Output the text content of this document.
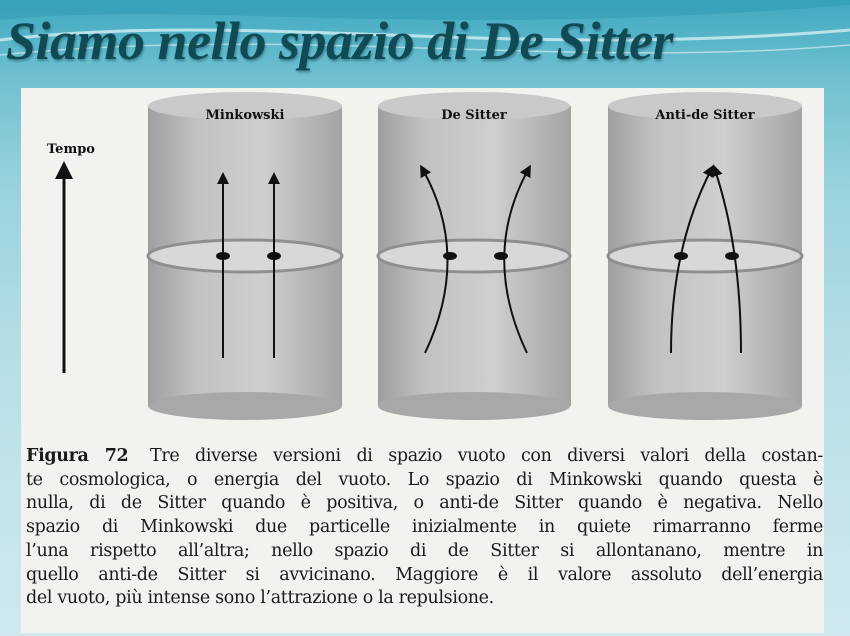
Siamo nello spazio di De Sitter
Tempo
Minkowski	De Sitter	Anti-de Sitter
Figura 72 Tre diverse versioni di spazio vuoto con diversi valori della costan-
te cosmologica, o energia del vuoto. Lo spazio di Minkowski quando questa è
nulla, di de Sitter quando è positiva, o anti-de Sitter quando è negativa. Nello
spazio di Minkowski due particelle inizialmente in quiete rimarranno ferme
l’una rispetto all’altra; nello spazio di de Sitter si allontanano, mentre in
quello anti-de Sitter si avvicinano. Maggiore è il valore assoluto dell’energia
del vuoto, più intense sono l’attrazione o la repulsione.
